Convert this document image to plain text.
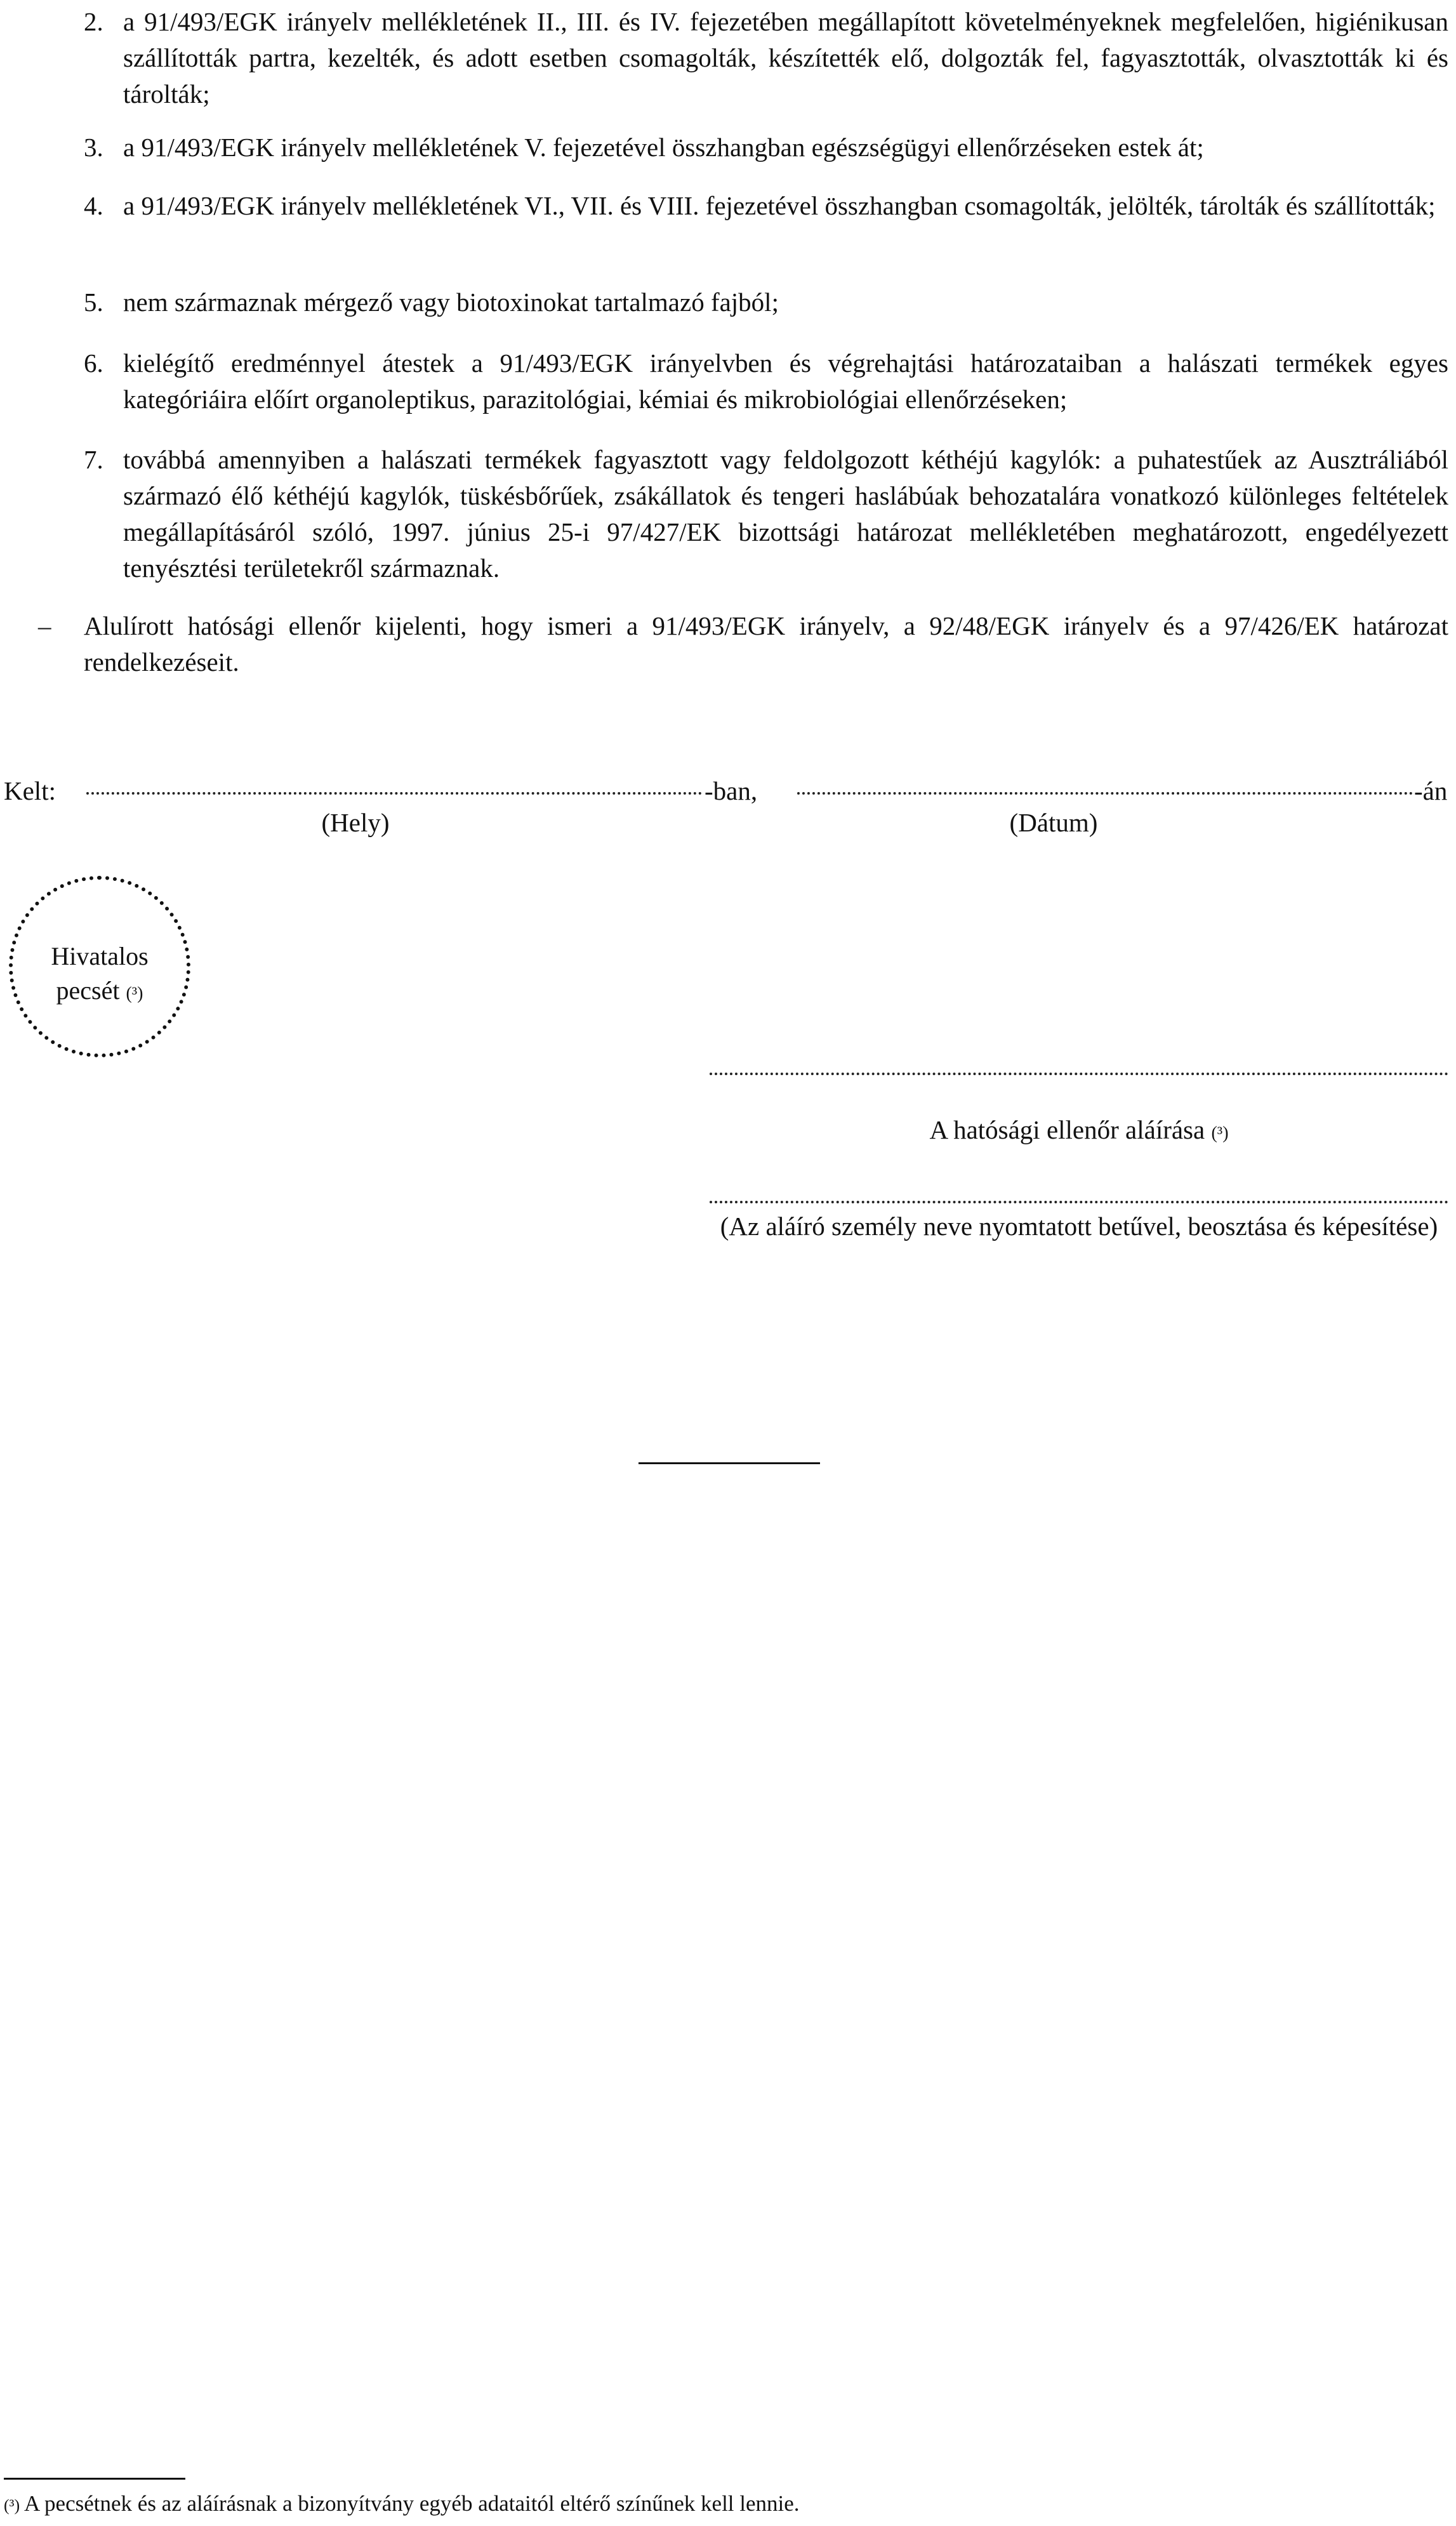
2. a 91/493/EGK irányelv mellékletének II., III. és IV. fejezetében megállapított követelményeknek megfelelően, higiénikusan szállították partra, kezelték, és adott esetben csomagolták, készítették elő, dolgozták fel, fagyasztották, olvasztották ki és tárolták;
3. a 91/493/EGK irányelv mellékletének V. fejezetével összhangban egészségügyi ellenőrzéseken estek át;
4. a 91/493/EGK irányelv mellékletének VI., VII. és VIII. fejezetével összhangban csomagolták, jelölték, tárolták és szállították;
5. nem származnak mérgező vagy biotoxinokat tartalmazó fajból;
6. kielégítő eredménnyel átestek a 91/493/EGK irányelvben és végrehajtási határozataiban a halászati termékek egyes kategóriáira előírt organoleptikus, parazitológiai, kémiai és mikrobiológiai ellenőrzéseken;
7. továbbá amennyiben a halászati termékek fagyasztott vagy feldolgozott kéthéjú kagylók: a puhatestűek az Ausztráliából származó élő kéthéjú kagylók, tüskésbőrűek, zsákállatok és tengeri haslábúak behozatalára vonatkozó különleges feltételek megállapításáról szóló, 1997. június 25-i 97/427/EK bizottsági határozat mellékletében meghatározott, engedélyezett tenyésztési területekről származnak.
–	Alulírott hatósági ellenőr kijelenti, hogy ismeri a 91/493/EGK irányelv, a 92/48/EGK irányelv és a 97/426/EK határozat rendelkezéseit.
Kelt:	-ban,	-án
(Hely)	(Dátum)
Hivatalos
pecsét (³)
A hatósági ellenőr aláírása (³)
(Az aláíró személy neve nyomtatott betűvel, beosztása és képesítése)
(³) A pecsétnek és az aláírásnak a bizonyítvány egyéb adataitól eltérő színűnek kell lennie.
